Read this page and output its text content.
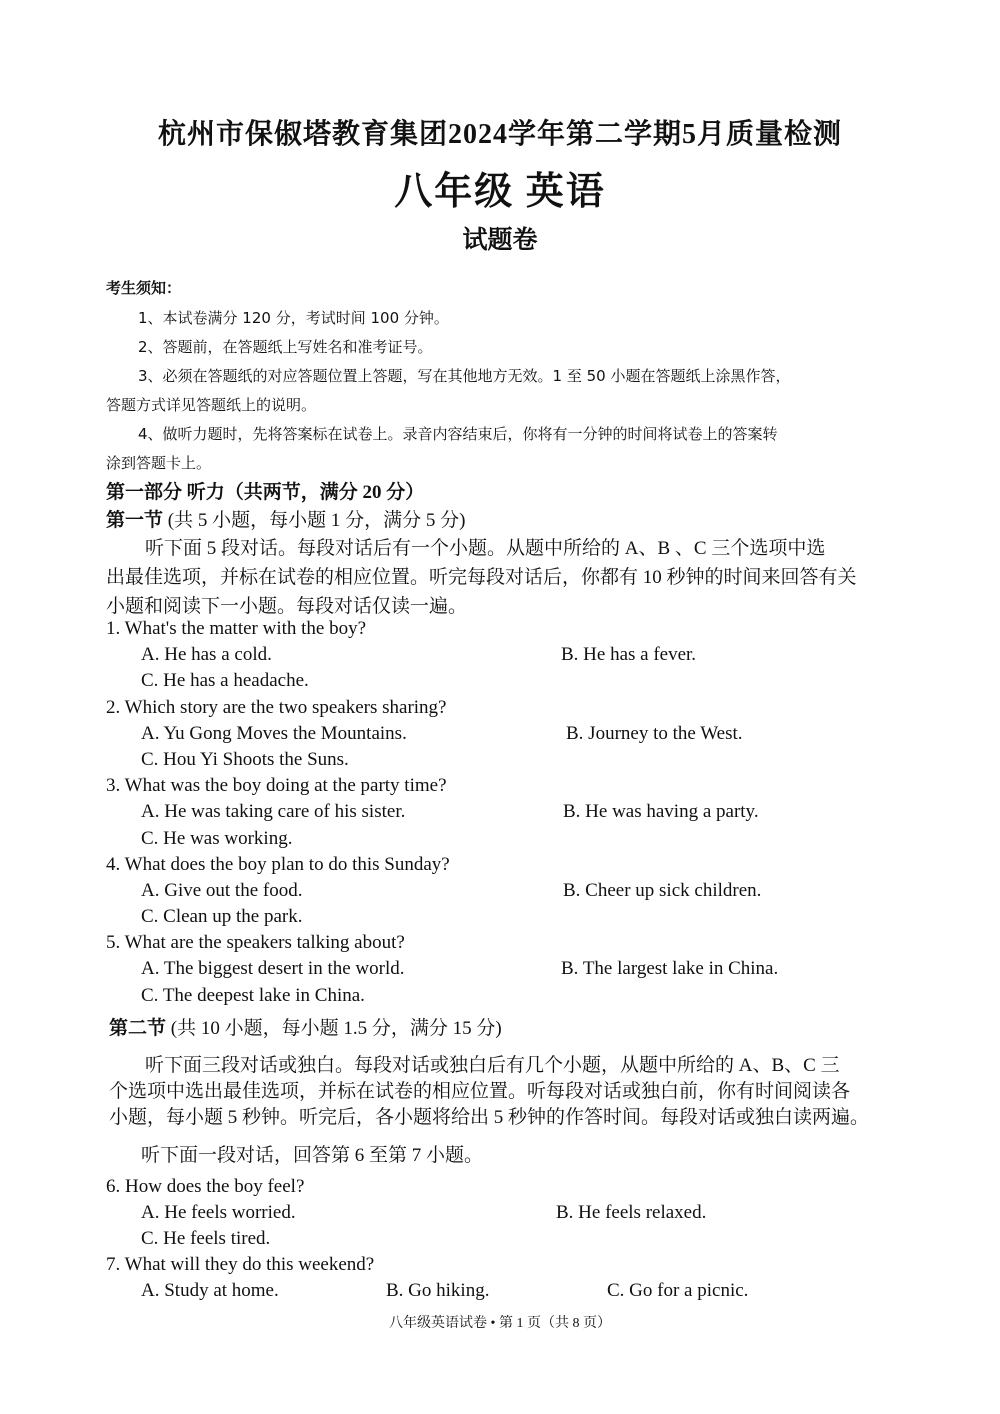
杭州市保俶塔教育集团2024学年第二学期5月质量检测
八年级 英语
试题卷
考生须知：
1、本试卷满分 120 分，考试时间 100 分钟。
2、答题前，在答题纸上写姓名和准考证号。
3、必须在答题纸的对应答题位置上答题，写在其他地方无效。1 至 50 小题在答题纸上涂黑作答，
答题方式详见答题纸上的说明。
4、做听力题时，先将答案标在试卷上。录音内容结束后，你将有一分钟的时间将试卷上的答案转
涂到答题卡上。
第一部分 听力（共两节，满分 20 分）
第一节 (共 5 小题，每小题 1 分，满分 5 分)
听下面 5 段对话。每段对话后有一个小题。从题中所给的 A、B 、C 三个选项中选
出最佳选项，并标在试卷的相应位置。听完每段对话后，你都有 10 秒钟的时间来回答有关
小题和阅读下一小题。每段对话仅读一遍。
1. What's the matter with the boy?
A. He has a cold.	B. He has a fever.
C. He has a headache.
2. Which story are the two speakers sharing?
A. Yu Gong Moves the Mountains.	B. Journey to the West.
C. Hou Yi Shoots the Suns.
3. What was the boy doing at the party time?
A. He was taking care of his sister.	B. He was having a party.
C. He was working.
4. What does the boy plan to do this Sunday?
A. Give out the food.	B. Cheer up sick children.
C. Clean up the park.
5. What are the speakers talking about?
A. The biggest desert in the world.	B. The largest lake in China.
C. The deepest lake in China.
第二节 (共 10 小题，每小题 1.5 分，满分 15 分)
听下面三段对话或独白。每段对话或独白后有几个小题，从题中所给的 A、B、C 三
个选项中选出最佳选项，并标在试卷的相应位置。听每段对话或独白前，你有时间阅读各
小题，每小题 5 秒钟。听完后，各小题将给出 5 秒钟的作答时间。每段对话或独白读两遍。
听下面一段对话，回答第 6 至第 7 小题。
6. How does the boy feel?
A. He feels worried.	B. He feels relaxed.
C. He feels tired.
7. What will they do this weekend?
A. Study at home.	B. Go hiking.	C. Go for a picnic.
八年级英语试卷 • 第 1 页（共 8 页）
